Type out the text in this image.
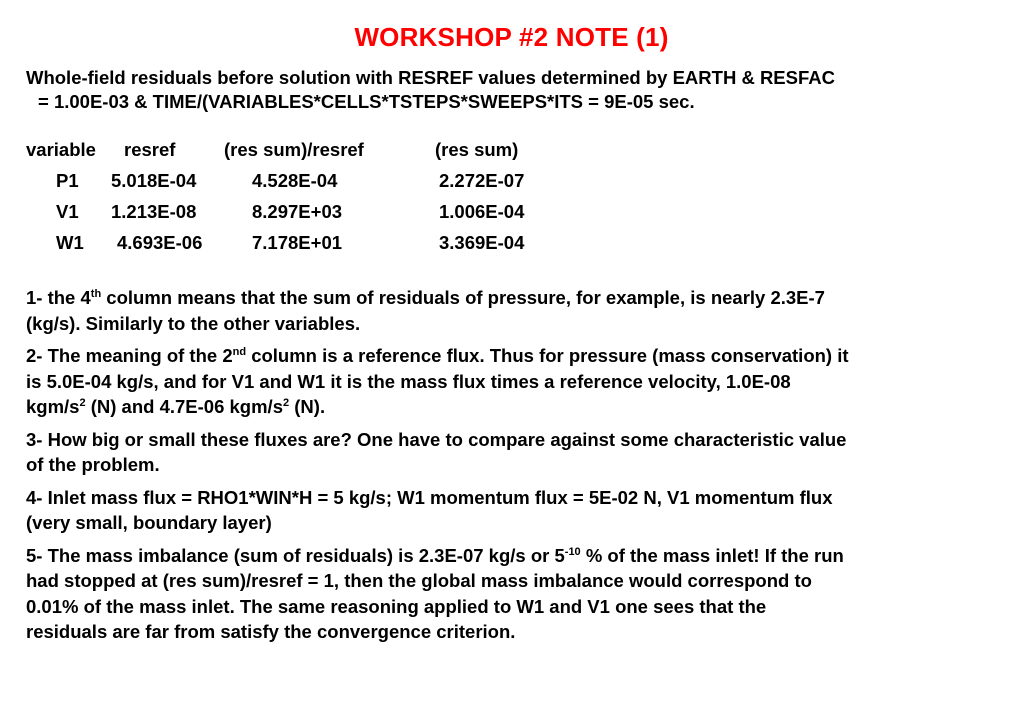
WORKSHOP #2 NOTE (1)
Whole-field residuals before solution with RESREF values determined by EARTH & RESFAC
= 1.00E-03 & TIME/(VARIABLES*CELLS*TSTEPS*SWEEPS*ITS = 9E-05 sec.
variable resref	(res sum)/resref	(res sum)
P1 5.018E-04	4.528E-04	2.272E-07
V1 1.213E-08	8.297E+03	1.006E-04
W1 4.693E-06	7.178E+01	3.369E-04
1- the 4th column means that the sum of residuals of pressure, for example, is nearly 2.3E-7
(kg/s). Similarly to the other variables.
2- The meaning of the 2nd column is a reference flux. Thus for pressure (mass conservation) it
is 5.0E-04 kg/s, and for V1 and W1 it is the mass flux times a reference velocity, 1.0E-08
kgm/$s^2$ (N) and 4.7E-06 kgm/$s^2$ (N).
3- How big or small these fluxes are? One have to compare against some characteristic value
of the problem.
4- Inlet mass flux = RHO1*WIN*H = 5 kg/s; W1 momentum flux = 5E-02 N, V1 momentum flux
(very small, boundary layer)
5- The mass imbalance (sum of residuals) is 2.3E-07 kg/s or $5^{-10}$ % of the mass inlet! If the run
had stopped at (res sum)/resref = 1, then the global mass imbalance would correspond to
0.01% of the mass inlet. The same reasoning applied to W1 and V1 one sees that the
residuals are far from satisfy the convergence criterion.
